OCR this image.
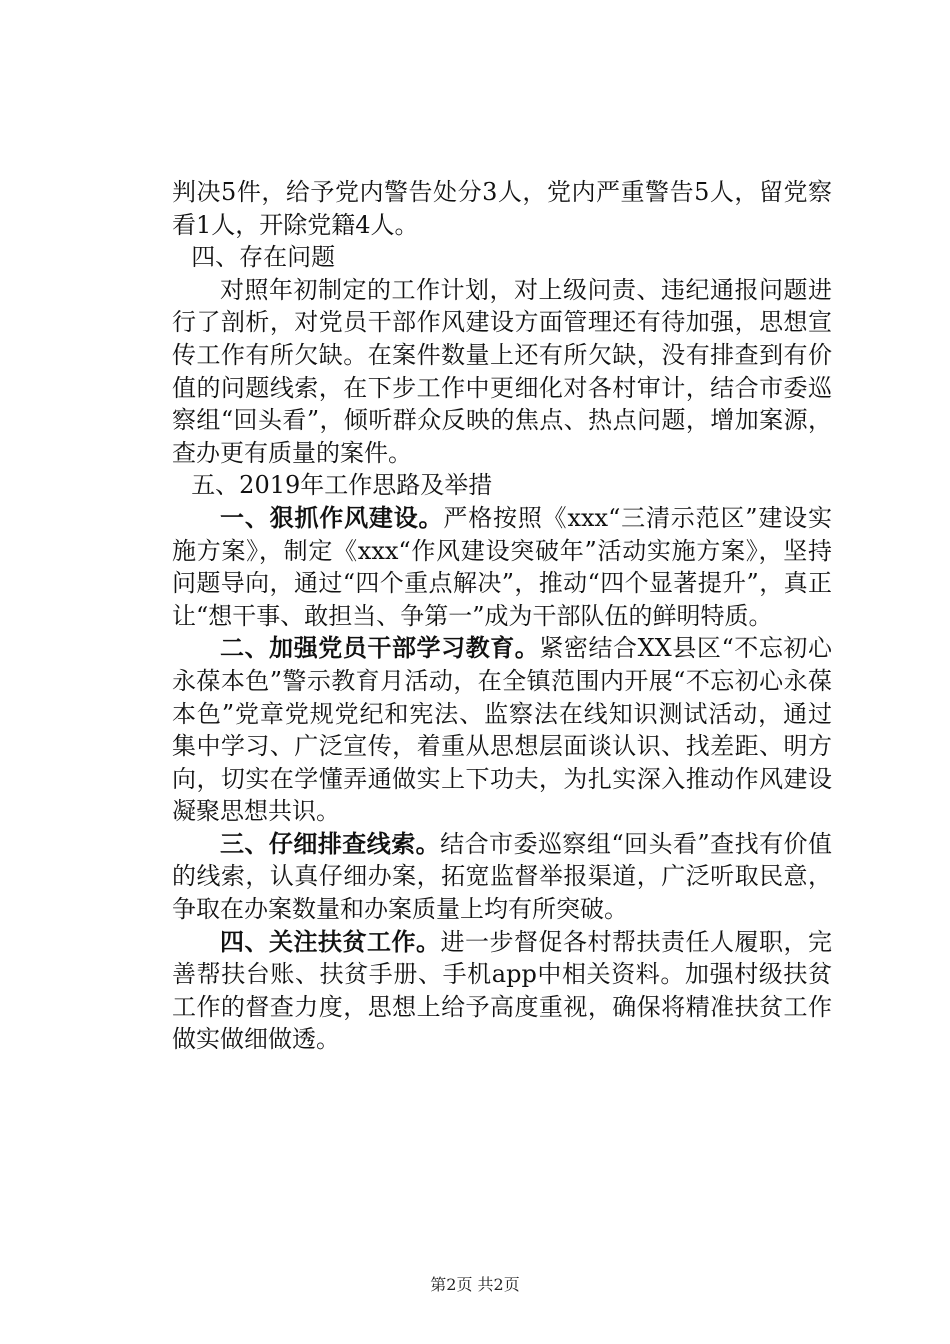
判决5件，给予党内警告处分3人，党内严重警告5人，留党察看1人，开除党籍4人。

四、存在问题

对照年初制定的工作计划，对上级问责、违纪通报问题进行了剖析，对党员干部作风建设方面管理还有待加强，思想宣传工作有所欠缺。在案件数量上还有所欠缺，没有排查到有价值的问题线索，在下步工作中更细化对各村审计，结合市委巡察组“回头看”，倾听群众反映的焦点、热点问题，增加案源，查办更有质量的案件。

五、2019年工作思路及举措

一、狠抓作风建设。严格按照《xxx“三清示范区”建设实施方案》，制定《xxx“作风建设突破年”活动实施方案》，坚持问题导向，通过“四个重点解决”，推动“四个显著提升”，真正让“想干事、敢担当、争第一”成为干部队伍的鲜明特质。

二、加强党员干部学习教育。紧密结合XX县区“不忘初心永葆本色”警示教育月活动，在全镇范围内开展“不忘初心永葆本色”党章党规党纪和宪法、监察法在线知识测试活动，通过集中学习、广泛宣传，着重从思想层面谈认识、找差距、明方向，切实在学懂弄通做实上下功夫，为扎实深入推动作风建设凝聚思想共识。

三、仔细排查线索。结合市委巡察组“回头看”查找有价值的线索，认真仔细办案，拓宽监督举报渠道，广泛听取民意，争取在办案数量和办案质量上均有所突破。

四、关注扶贫工作。进一步督促各村帮扶责任人履职，完善帮扶台账、扶贫手册、手机app中相关资料。加强村级扶贫工作的督查力度，思想上给予高度重视，确保将精准扶贫工作做实做细做透。

第2页 共2页
